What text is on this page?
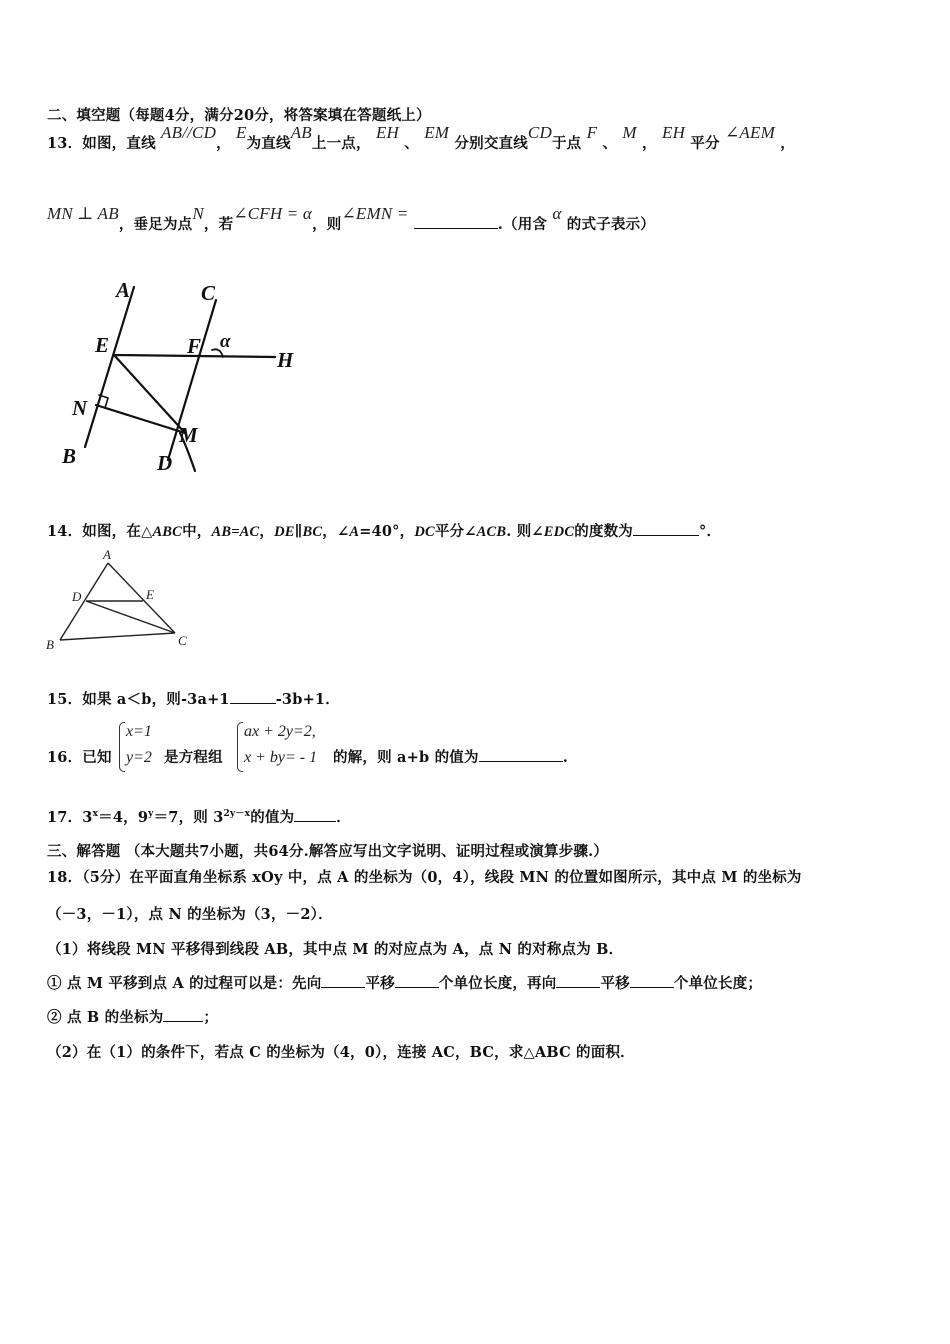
二、填空题（每题4分，满分20分，将答案填在答题纸上）
13．如图，直线 AB//CD， E为直线AB上一点， EH 、 EM 分别交直线CD于点 F 、 M ， EH 平分 ∠AEM ，
MN ⊥ AB，垂足为点N，若∠CFH = α，则∠EMN = .（用含 α 的式子表示）
A	C
E	F α
H
N
M
B	D
14．如图，在△ABC中，AB=AC，DE∥BC，∠A=40°，DC平分∠ACB. 则∠EDC的度数为	°．
A
D	E
B	C
15．如果 a＜b，则-3a+1	-3b+1．
16．已知
x=1
y=2 是方程组
ax + 2y=2,
x + by= - 1 的解，则 a+b 的值为	.
17．$3^x=4$，$9^y=7$，则 $3^{2y-x}$的值为	．
三、解答题 （本大题共7小题，共64分.解答应写出文字说明、证明过程或演算步骤.）
18．（5分）在平面直角坐标系 xOy 中，点 A 的坐标为（0，4），线段 MN 的位置如图所示，其中点 M 的坐标为
（－3，－1），点 N 的坐标为（3，－2）．
（1）将线段 MN 平移得到线段 AB，其中点 M 的对应点为 A，点 N 的对称点为 B．
① 点 M 平移到点 A 的过程可以是：先向	平移	个单位长度，再向	平移	个单位长度；
② 点 B 的坐标为	；
（2）在（1）的条件下，若点 C 的坐标为（4，0），连接 AC，BC，求△ABC 的面积．
